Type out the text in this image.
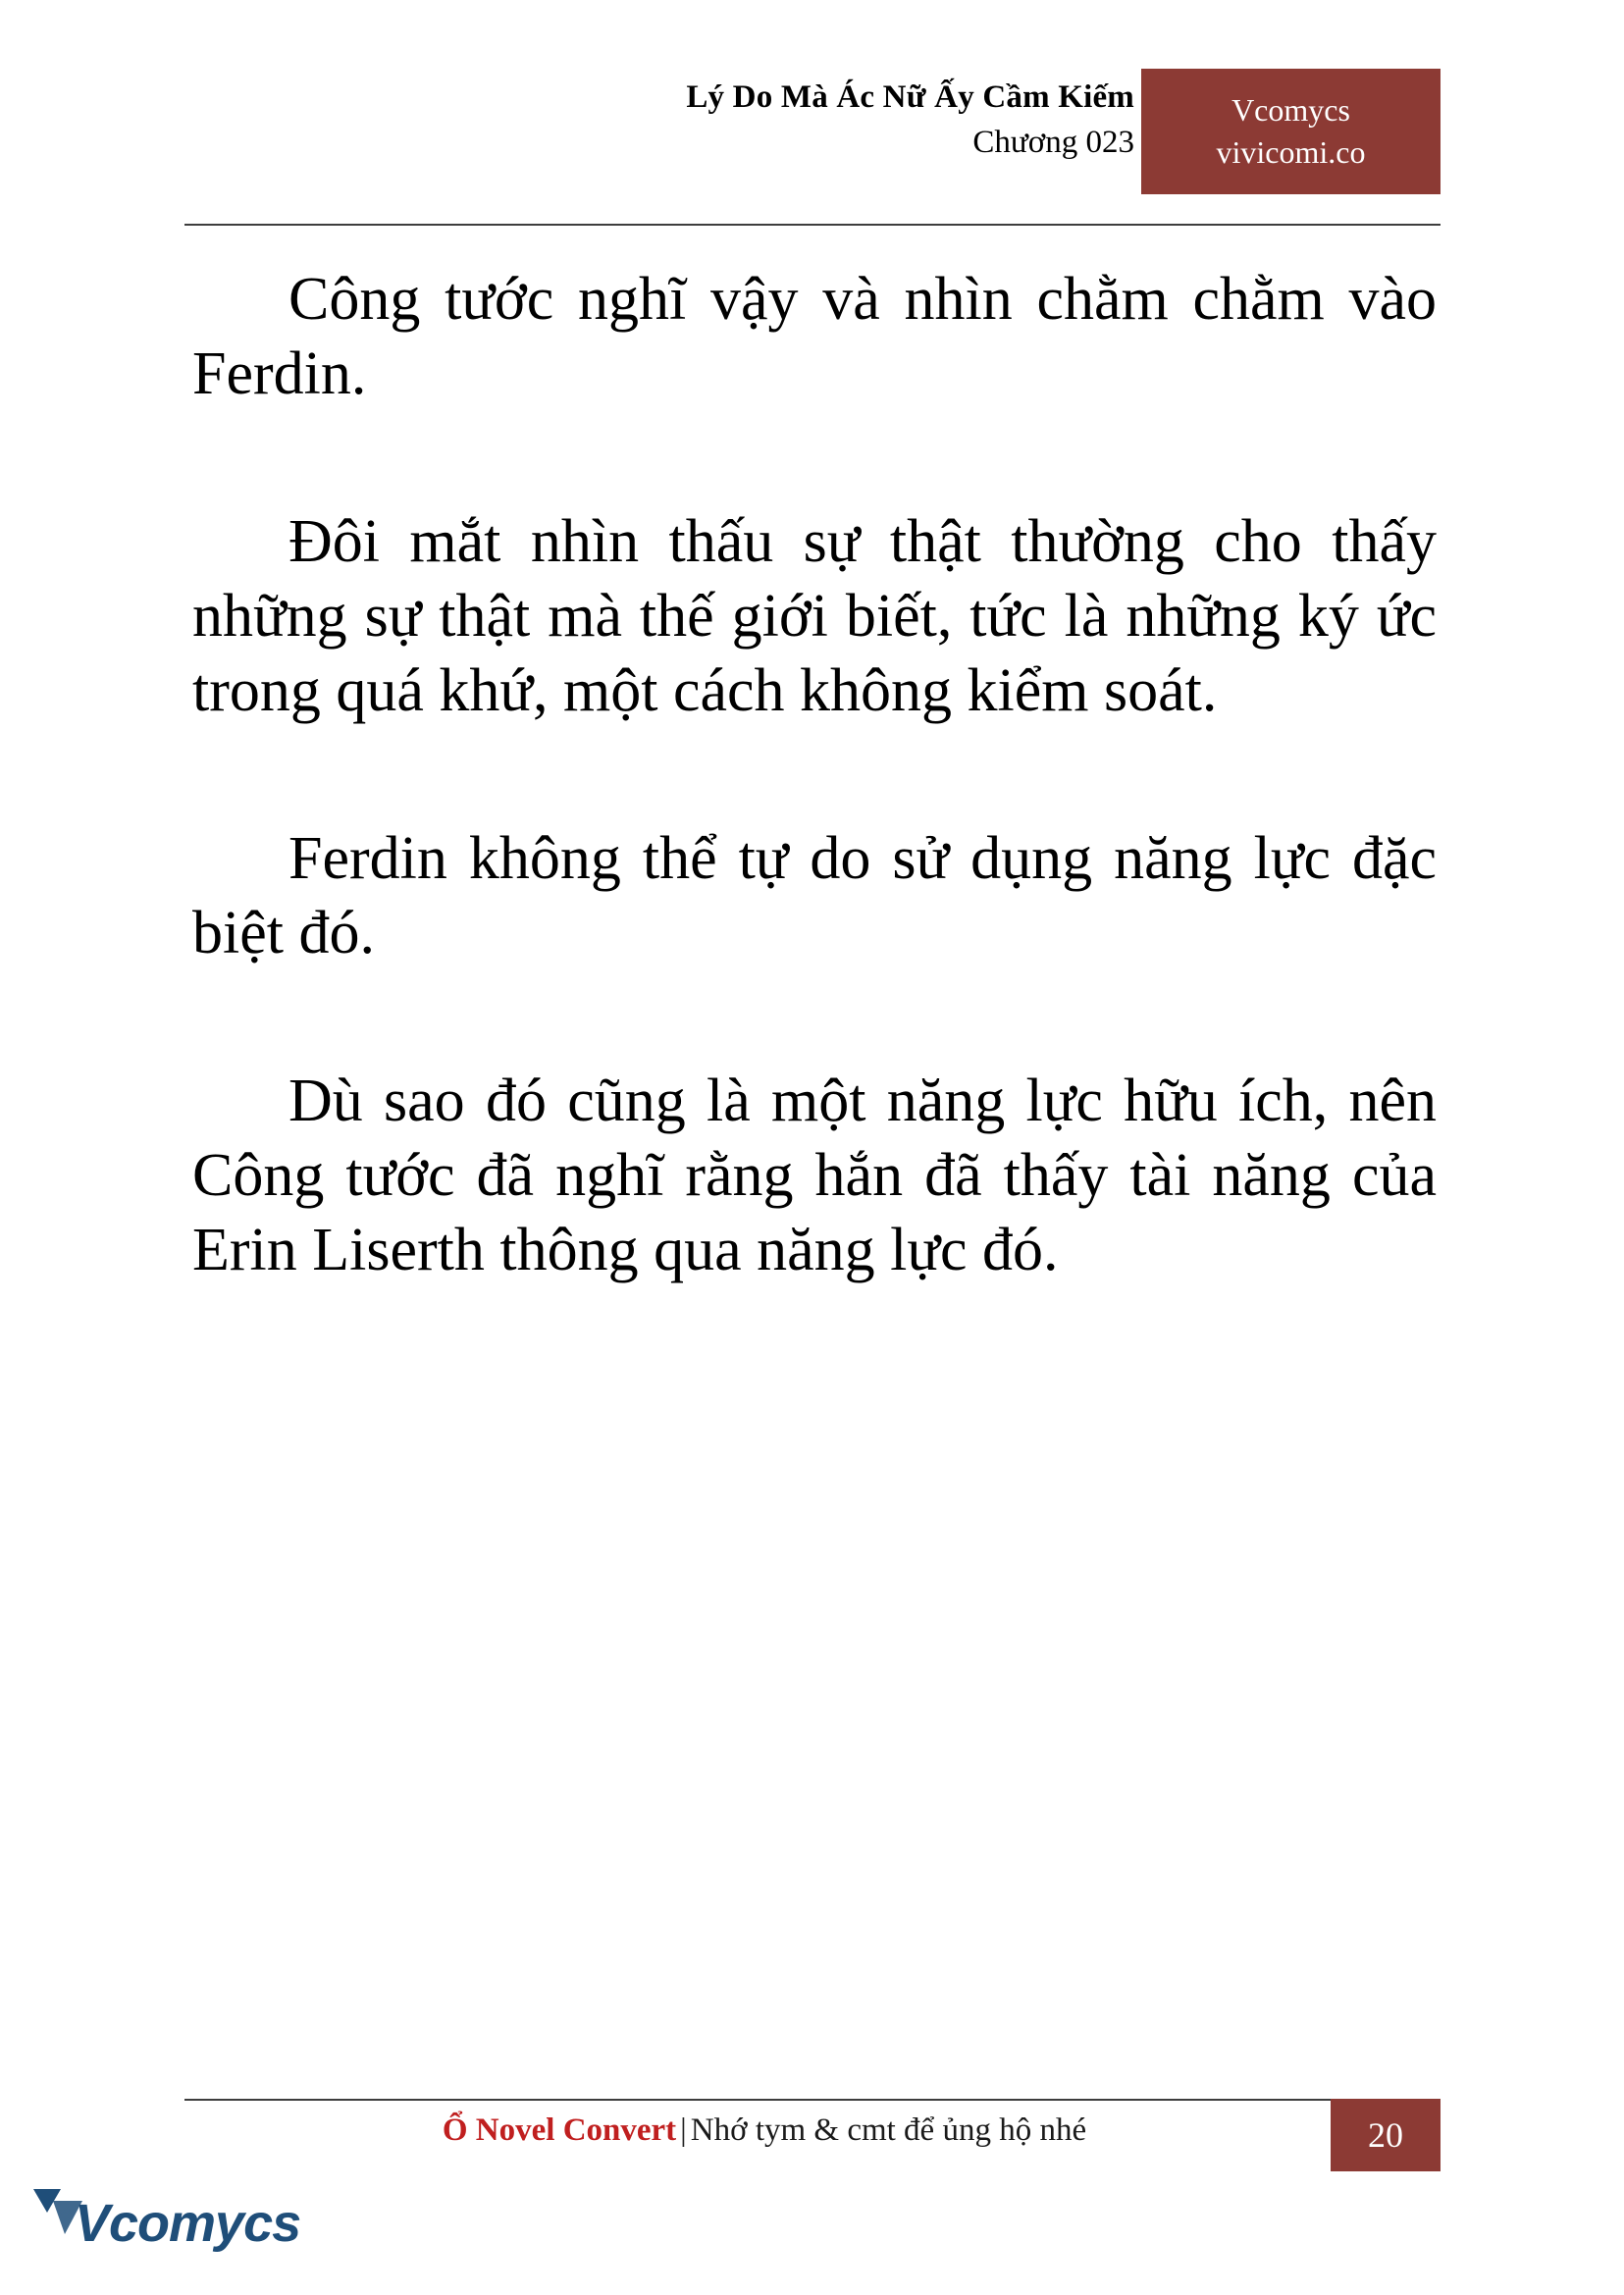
Lý Do Mà Ác Nữ Ấy Cầm Kiếm
Chương 023
Vcomycs
vivicomi.co

Công tước nghĩ vậy và nhìn chằm chằm vào Ferdin.

Đôi mắt nhìn thấu sự thật thường cho thấy những sự thật mà thế giới biết, tức là những ký ức trong quá khứ, một cách không kiểm soát.

Ferdin không thể tự do sử dụng năng lực đặc biệt đó.

Dù sao đó cũng là một năng lực hữu ích, nên Công tước đã nghĩ rằng hắn đã thấy tài năng của Erin Liserth thông qua năng lực đó.

Ổ Novel Convert | Nhớ tym & cmt để ủng hộ nhé	20
Vcomycs
